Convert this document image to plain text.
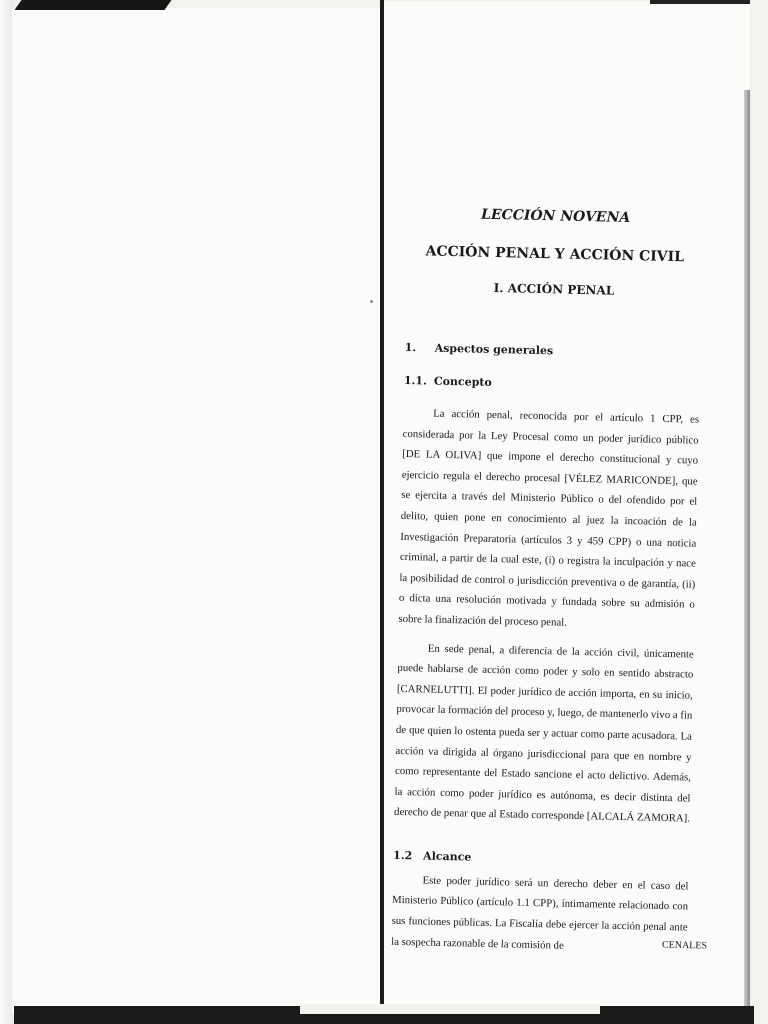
LECCIÓN NOVENA

ACCIÓN PENAL Y ACCIÓN CIVIL

I. ACCIÓN PENAL

1.	Aspectos generales

1.1. Concepto

La acción penal, reconocida por el artículo 1 CPP, es considerada por la Ley Procesal como un poder jurídico público [DE LA OLIVA] que impone el derecho constitucional y cuyo ejercicio regula el derecho procesal [VÉLEZ MARICONDE], que se ejercita a través del Ministerio Público o del ofendido por el delito, quien pone en conocimiento al juez la incoación de la Investigación Preparatoria (artículos 3 y 459 CPP) o una noticia criminal, a partir de la cual este, (i) o registra la inculpación y nace la posibilidad de control o jurisdicción preventiva o de garantía, (ii) o dicta una resolución motivada y fundada sobre su admisión o sobre la finalización del proceso penal.

En sede penal, a diferencia de la acción civil, únicamente puede hablarse de acción como poder y solo en sentido abstracto [CARNELUTTI]. El poder jurídico de acción importa, en su inicio, provocar la formación del proceso y, luego, de mantenerlo vivo a fin de que quien lo ostenta pueda ser y actuar como parte acusadora. La acción va dirigida al órgano jurisdiccional para que en nombre y como representante del Estado sancione el acto delictivo. Además, la acción como poder jurídico es autónoma, es decir distinta del derecho de penar que al Estado corresponde [ALCALÁ ZAMORA].

1.2 Alcance

Este poder jurídico será un derecho deber en el caso del Ministerio Público (artículo 1.1 CPP), íntimamente relacionado con sus funciones públicas. La Fiscalía debe ejercer la acción penal ante la sospecha razonable de la comisión de	CENALES
